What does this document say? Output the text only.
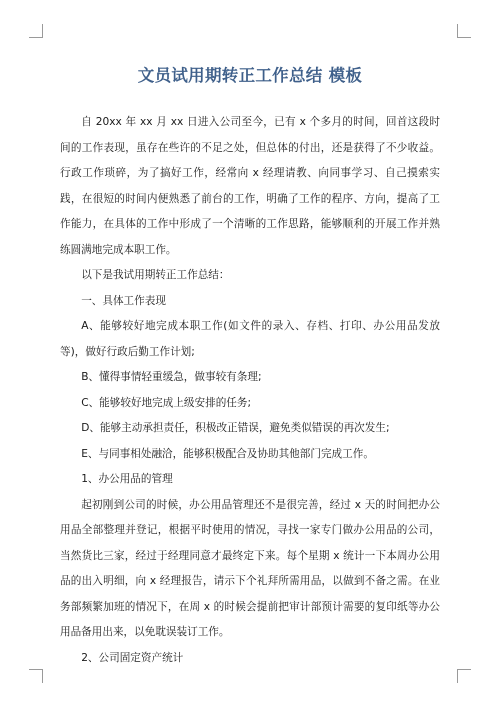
文员试用期转正工作总结 模板

自 20xx 年 xx 月 xx 日进入公司至今，已有 x 个多月的时间，回首这段时间的工作表现，虽存在些许的不足之处，但总体的付出，还是获得了不少收益。行政工作琐碎，为了搞好工作，经常向 x 经理请教、向同事学习、自己摸索实践，在很短的时间内便熟悉了前台的工作，明确了工作的程序、方向，提高了工作能力，在具体的工作中形成了一个清晰的工作思路，能够顺利的开展工作并熟练圆满地完成本职工作。

以下是我试用期转正工作总结：

一、具体工作表现

A、能够较好地完成本职工作(如文件的录入、存档、打印、办公用品发放等)，做好行政后勤工作计划;

B、懂得事情轻重缓急，做事较有条理;

C、能够较好地完成上级安排的任务;

D、能够主动承担责任，积极改正错误，避免类似错误的再次发生;

E、与同事相处融洽，能够积极配合及协助其他部门完成工作。

1、办公用品的管理

起初刚到公司的时候，办公用品管理还不是很完善，经过 x 天的时间把办公用品全部整理并登记，根据平时使用的情况，寻找一家专门做办公用品的公司，当然货比三家，经过于经理同意才最终定下来。每个星期 x 统计一下本周办公用品的出入明细，向 x 经理报告，请示下个礼拜所需用品，以做到不备之需。在业务部频繁加班的情况下，在周 x 的时候会提前把审计部预计需要的复印纸等办公用品备用出来，以免耽误装订工作。

2、公司固定资产统计
